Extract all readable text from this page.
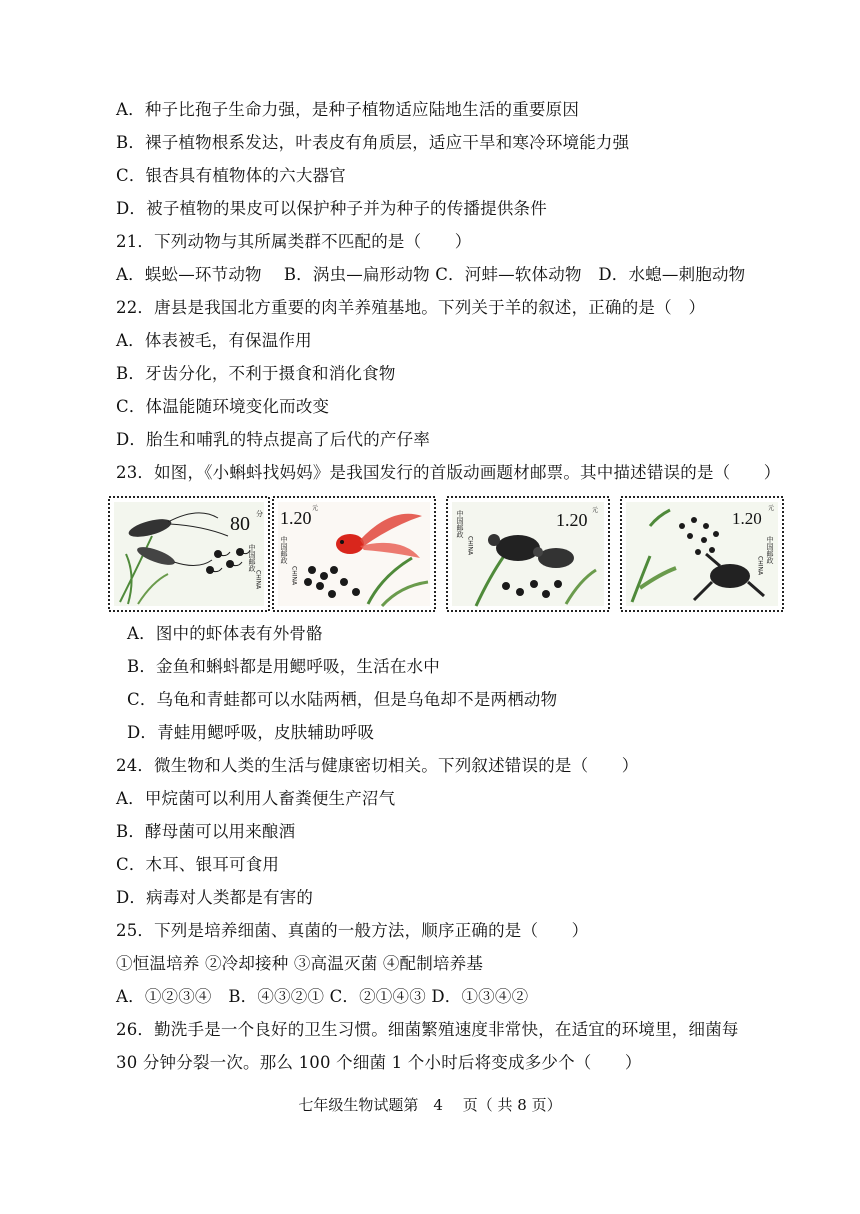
A．种子比孢子生命力强，是种子植物适应陆地生活的重要原因
B．裸子植物根系发达，叶表皮有角质层，适应干旱和寒冷环境能力强
C．银杏具有植物体的六大器官
D．被子植物的果皮可以保护种子并为种子的传播提供条件
21．下列动物与其所属类群不匹配的是（　　）
A．蜈蚣—环节动物　 B．涡虫—扁形动物 C．河蚌—软体动物　D．水螅—刺胞动物
22．唐县是我国北方重要的肉羊养殖基地。下列关于羊的叙述，正确的是（　）
A．体表被毛，有保温作用
B．牙齿分化，不利于摄食和消化食物
C．体温能随环境变化而改变
D．胎生和哺乳的特点提高了后代的产仔率
23．如图，《小蝌蚪找妈妈》是我国发行的首版动画题材邮票。其中描述错误的是（　　）
80 分
中国邮政
CHINA
1.20 元
中国邮政
CHINA
1.20 元
中国邮政
CHINA
1.20
元
中国邮政
CHINA
A．图中的虾体表有外骨骼
B．金鱼和蝌蚪都是用鳃呼吸，生活在水中
C．乌龟和青蛙都可以水陆两栖，但是乌龟却不是两栖动物
D．青蛙用鳃呼吸，皮肤辅助呼吸
24．微生物和人类的生活与健康密切相关。下列叙述错误的是（　　）
A．甲烷菌可以利用人畜粪便生产沼气
B．酵母菌可以用来酿酒
C．木耳、银耳可食用
D．病毒对人类都是有害的
25．下列是培养细菌、真菌的一般方法，顺序正确的是（　　）
①恒温培养 ②冷却接种 ③高温灭菌 ④配制培养基
A．①②③④　B．④③②① C．②①④③ D．①③④②
26．勤洗手是一个良好的卫生习惯。细菌繁殖速度非常快，在适宜的环境里，细菌每
30 分钟分裂一次。那么 100 个细菌 1 个小时后将变成多少个（　　）
七年级生物试题第　4　 页（ 共 8 页）
